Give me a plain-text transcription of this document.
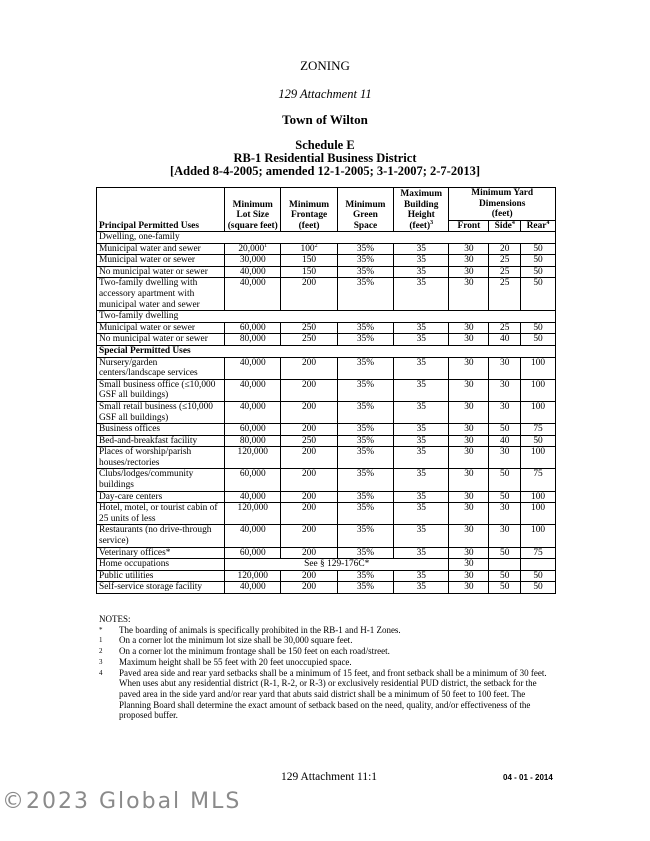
ZONING
129 Attachment 11
Town of Wilton
Schedule E
RB-1 Residential Business District
[Added 8-4-2005; amended 12-1-2005; 3-1-2007; 2-7-2013]
Principal Permitted Uses	Minimum
Lot Size
(square feet)	Minimum
Frontage
(feet)	Minimum
Green
Space	Maximum
Building
Height
(feet)$^3$	Minimum Yard
Dimensions
(feet)		
					Front	Side$^4$	Rear$^4$
Dwelling, one-family							
Municipal water and sewer	20,000$^1$	$100^2$	35%	35	30	20	50
Municipal water or sewer	30,000	150	35%	35	30	25	50
No municipal water or sewer	40,000	150	35%	35	30	25	50
Two-family dwelling with accessory apartment with municipal water and sewer	40,000	200	35%	35	30	25	50
Two-family dwelling							
Municipal water or sewer	60,000	250	35%	35	30	25	50
No municipal water or sewer	80,000	250	35%	35	30	40	50
Special Permitted Uses							
Nursery/garden centers/landscape services	40,000	200	35%	35	30	30	100
Small business office (≤10,000 GSF all buildings)	40,000	200	35%	35	30	30	100
Small retail business (≤10,000 GSF all buildings)	40,000	200	35%	35	30	30	100
Business offices	60,000	200	35%	35	30	50	75
Bed-and-breakfast facility	80,000	250	35%	35	30	40	50
Places of worship/parish houses/rectories	120,000	200	35%	35	30	30	100
Clubs/lodges/community buildings	60,000	200	35%	35	30	50	75
Day-care centers	40,000	200	35%	35	30	50	100
Hotel, motel, or tourist cabin of 25 units of less	120,000	200	35%	35	30	30	100
Restaurants (no drive-through service)	40,000	200	35%	35	30	30	100
Veterinary offices*	60,000	200	35%	35	30	50	75
Home occupations	See § 129-176C*				30		
Public utilities	120,000	200	35%	35	30	50	50
Self-service storage facility	40,000	200	35%	35	30	50	50
NOTES:
*	The boarding of animals is specifically prohibited in the RB-1 and H-1 Zones.
1	On a corner lot the minimum lot size shall be 30,000 square feet.
2	On a corner lot the minimum frontage shall be 150 feet on each road/street.
3	Maximum height shall be 55 feet with 20 feet unoccupied space.
4	Paved area side and rear yard setbacks shall be a minimum of 15 feet, and front setback shall be a minimum of 30 feet. When uses abut any residential district (R-1, R-2, or R-3) or exclusively residential PUD district, the setback for the paved area in the side yard and/or rear yard that abuts said district shall be a minimum of 50 feet to 100 feet. The Planning Board shall determine the exact amount of setback based on the need, quality, and/or effectiveness of the proposed buffer.
129 Attachment 11:1	04 - 01 - 2014
©2023 Global MLS
